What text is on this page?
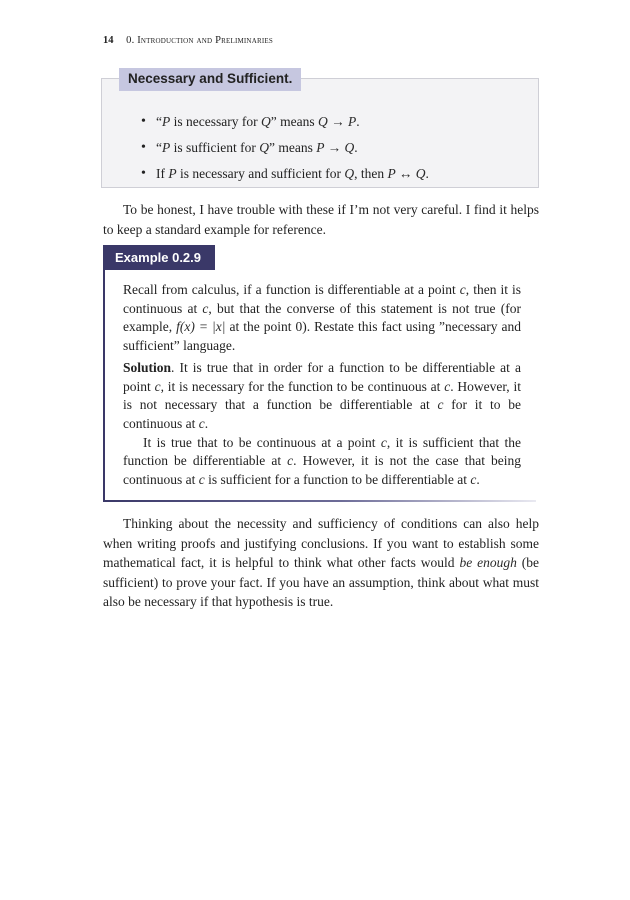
14 0. Introduction and Preliminaries
Necessary and Sufficient.
• “P is necessary for Q” means Q → P.
• “P is sufficient for Q” means P → Q.
• If P is necessary and sufficient for Q, then P ↔ Q.

To be honest, I have trouble with these if I’m not very careful. I find it helps to keep a standard example for reference.

Example 0.2.9

Recall from calculus, if a function is differentiable at a point c, then it is continuous at c, but that the converse of this statement is not true (for example, f(x) = |x| at the point 0). Restate this fact using ”necessary and sufficient” language.

Solution. It is true that in order for a function to be differentiable at a point c, it is necessary for the function to be continuous at c. However, it is not necessary that a function be differentiable at c for it to be continuous at c.

It is true that to be continuous at a point c, it is sufficient that the function be differentiable at c. However, it is not the case that being continuous at c is sufficient for a function to be differentiable at c.

Thinking about the necessity and sufficiency of conditions can also help when writing proofs and justifying conclusions. If you want to establish some mathematical fact, it is helpful to think what other facts would be enough (be sufficient) to prove your fact. If you have an assumption, think about what must also be necessary if that hypothesis is true.
